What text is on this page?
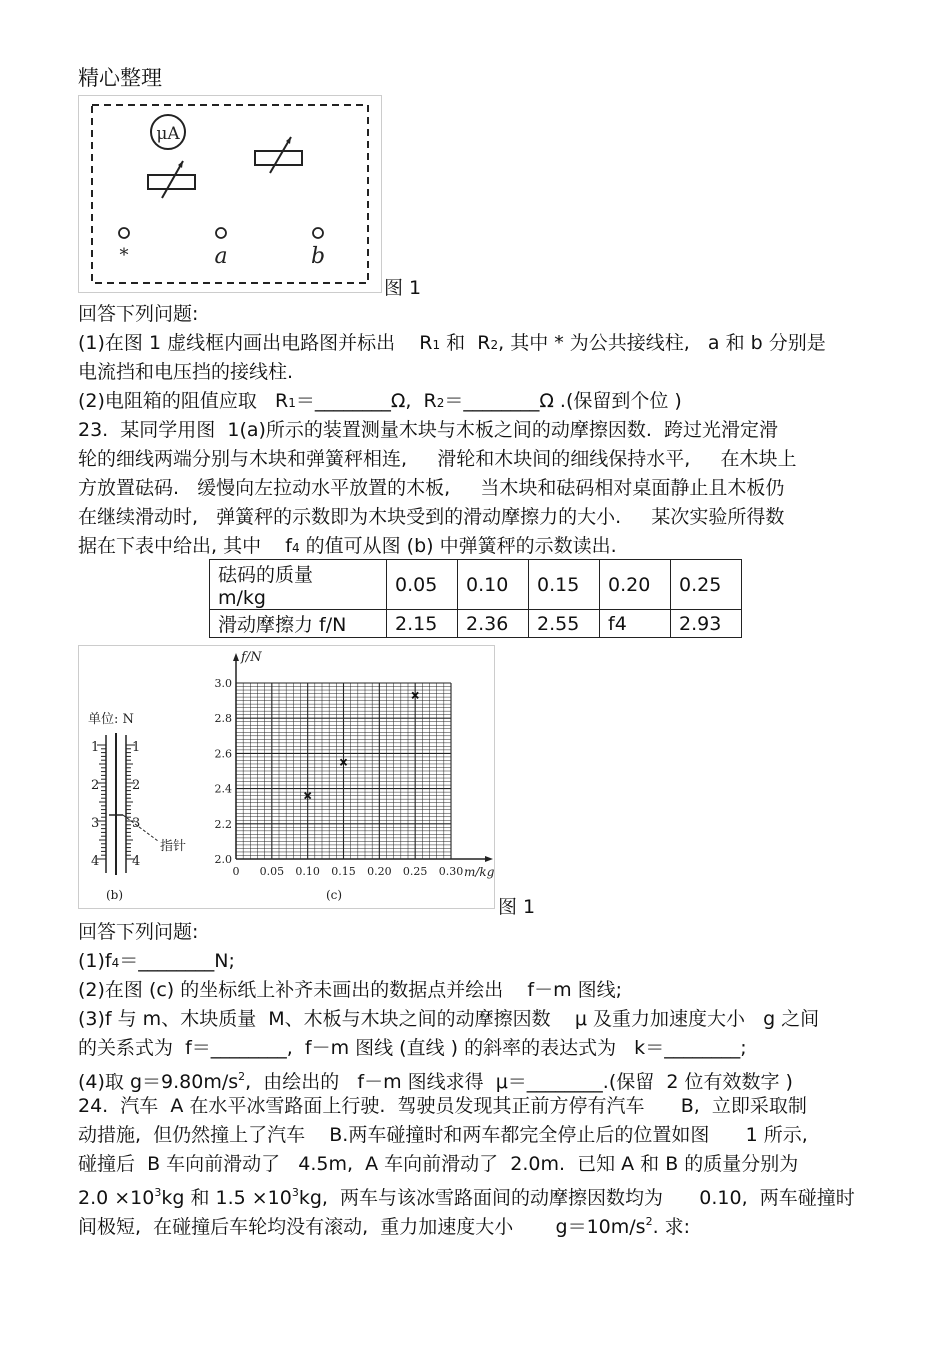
精心整理
μA
*	a	b
图 1
回答下列问题:
(1)在图 1 虚线框内画出电路图并标出 R1 和 R2, 其中 * 为公共接线柱,   a 和 b 分别是
电流挡和电压挡的接线柱.
(2)电阻箱的阻值应取   R1＝________Ω,  R2＝________Ω .(保留到个位 )
23.  某同学用图  1(a)所示的装置测量木块与木板之间的动摩擦因数.  跨过光滑定滑
轮的细线两端分别与木块和弹簧秤相连,     滑轮和木块间的细线保持水平,     在木块上
方放置砝码.   缓慢向左拉动水平放置的木板,     当木块和砝码相对桌面静止且木板仍
在继续滑动时,   弹簧秤的示数即为木块受到的滑动摩擦力的大小.     某次实验所得数
据在下表中给出, 其中    f4 的值可从图 (b) 中弹簧秤的示数读出.
砝码的质量
m/kg	0.05	0.10	0.15	0.20	0.25
滑动摩擦力 f/N	2.15	2.36	2.55	f4	2.93
单位: N
指针
1
2
3
4
1
2
3
4
(b)
0 0.05 0.10 0.15 0.20 0.25 0.30
2.0
2.2
2.4
2.6
2.8
3.0
f/N
m/kg
(c)
图 1
回答下列问题:
(1)f4＝________N;
(2)在图 (c) 的坐标纸上补齐未画出的数据点并绘出    f－m 图线;
(3)f 与 m、木块质量  M、木板与木块之间的动摩擦因数    μ 及重力加速度大小   g 之间
的关系式为  f＝________,  f－m 图线 (直线 ) 的斜率的表达式为   k＝________;
(4)取 $g=9.80m/s^2$,  由绘出的   f－m 图线求得  μ＝________.(保留  2 位有效数字 )
24.  汽车  A 在水平冰雪路面上行驶.  驾驶员发现其正前方停有汽车      B,  立即采取制
动措施,  但仍然撞上了汽车    B.两车碰撞时和两车都完全停止后的位置如图      1 所示,
碰撞后  B 车向前滑动了   4.5m,  A 车向前滑动了  2.0m.  已知 A 和 B 的质量分别为
$2.0 \times 10^3kg$ 和 $1.5 \times 10^3kg$,  两车与该冰雪路面间的动摩擦因数均为      0.10,  两车碰撞时
间极短,  在碰撞后车轮均没有滚动,  重力加速度大小       $g=10m/s^2$. 求:
